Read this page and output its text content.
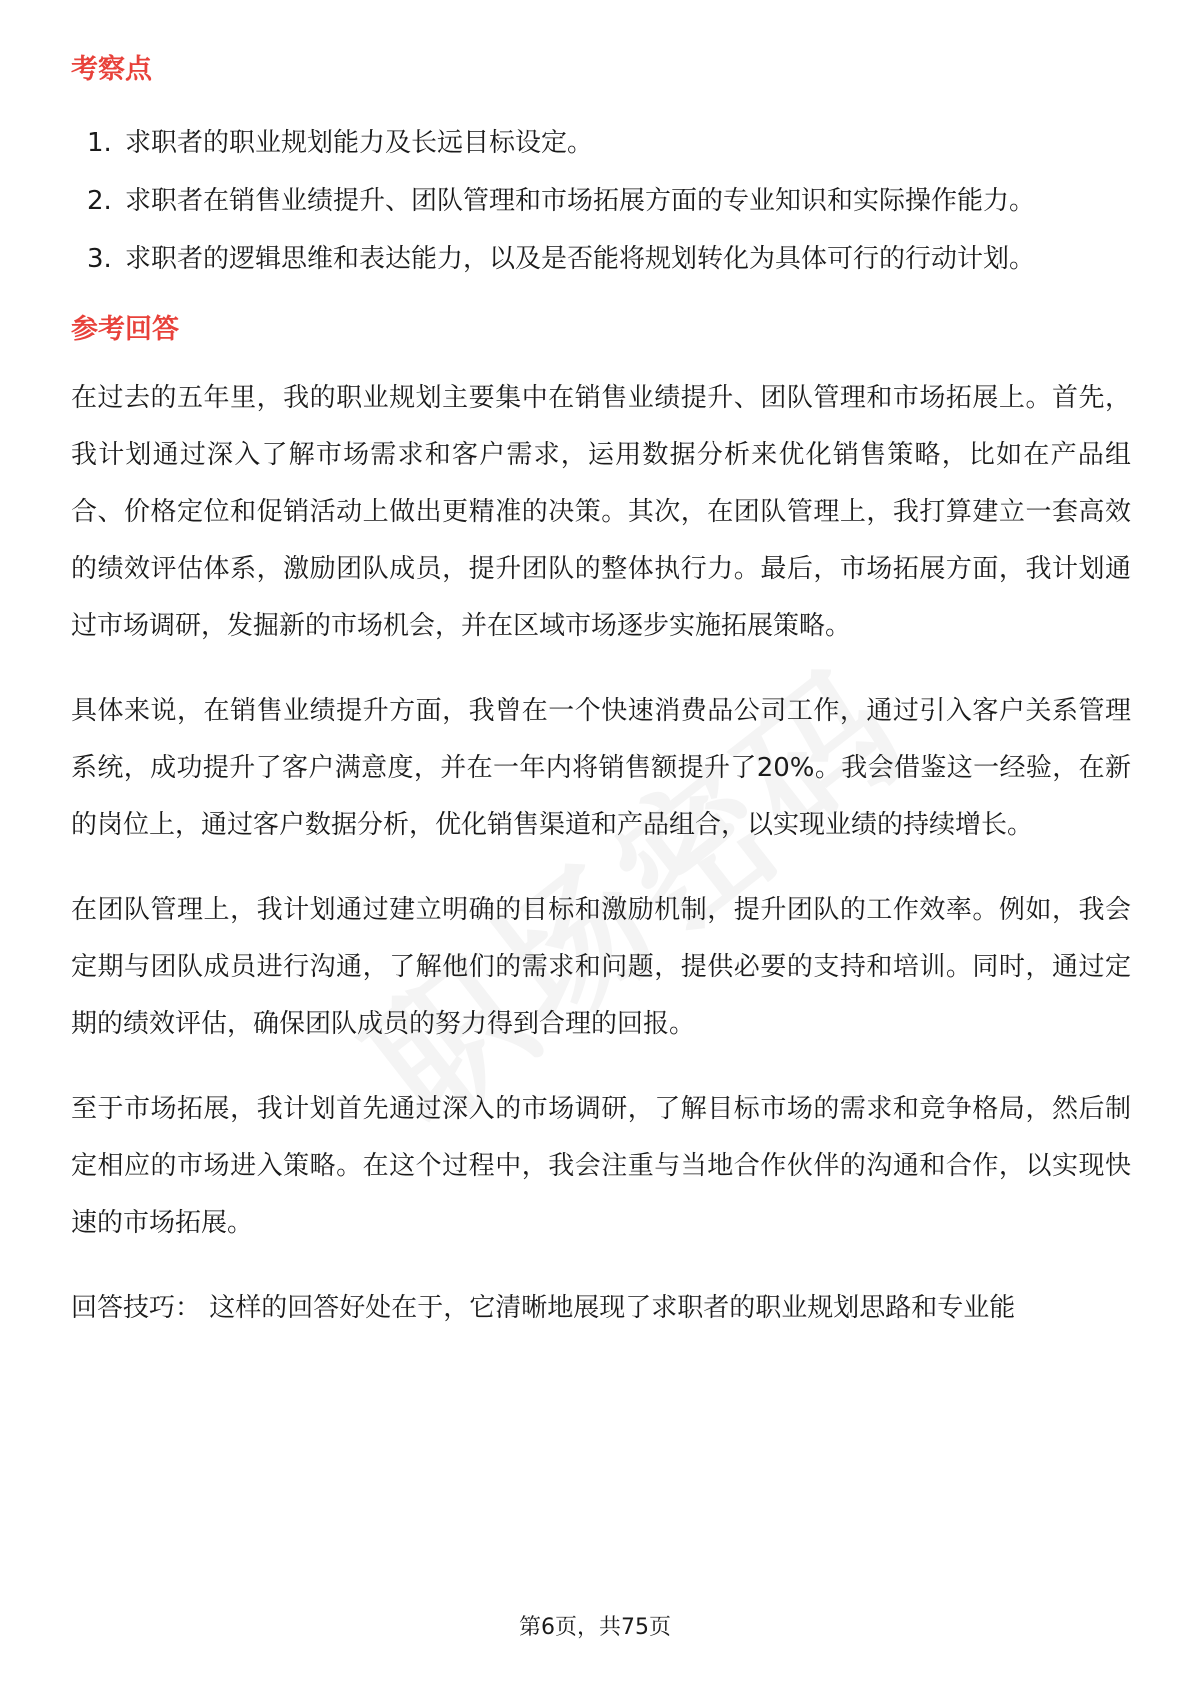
考察点
1. 求职者的职业规划能力及长远目标设定。
2. 求职者在销售业绩提升、团队管理和市场拓展方面的专业知识和实际操作能力。
3. 求职者的逻辑思维和表达能力，以及是否能将规划转化为具体可行的行动计划。
参考回答

在过去的五年里，我的职业规划主要集中在销售业绩提升、团队管理和市场拓展上。首先，我计划通过深入了解市场需求和客户需求，运用数据分析来优化销售策略，比如在产品组合、价格定位和促销活动上做出更精准的决策。其次，在团队管理上，我打算建立一套高效的绩效评估体系，激励团队成员，提升团队的整体执行力。最后，市场拓展方面，我计划通过市场调研，发掘新的市场机会，并在区域市场逐步实施拓展策略。

具体来说，在销售业绩提升方面，我曾在一个快速消费品公司工作，通过引入客户关系管理系统，成功提升了客户满意度，并在一年内将销售额提升了20%。我会借鉴这一经验，在新的岗位上，通过客户数据分析，优化销售渠道和产品组合，以实现业绩的持续增长。

在团队管理上，我计划通过建立明确的目标和激励机制，提升团队的工作效率。例如，我会定期与团队成员进行沟通，了解他们的需求和问题，提供必要的支持和培训。同时，通过定期的绩效评估，确保团队成员的努力得到合理的回报。

至于市场拓展，我计划首先通过深入的市场调研，了解目标市场的需求和竞争格局，然后制定相应的市场进入策略。在这个过程中，我会注重与当地合作伙伴的沟通和合作，以实现快速的市场拓展。

回答技巧： 这样的回答好处在于，它清晰地展现了求职者的职业规划思路和专业能

第6页，共75页
